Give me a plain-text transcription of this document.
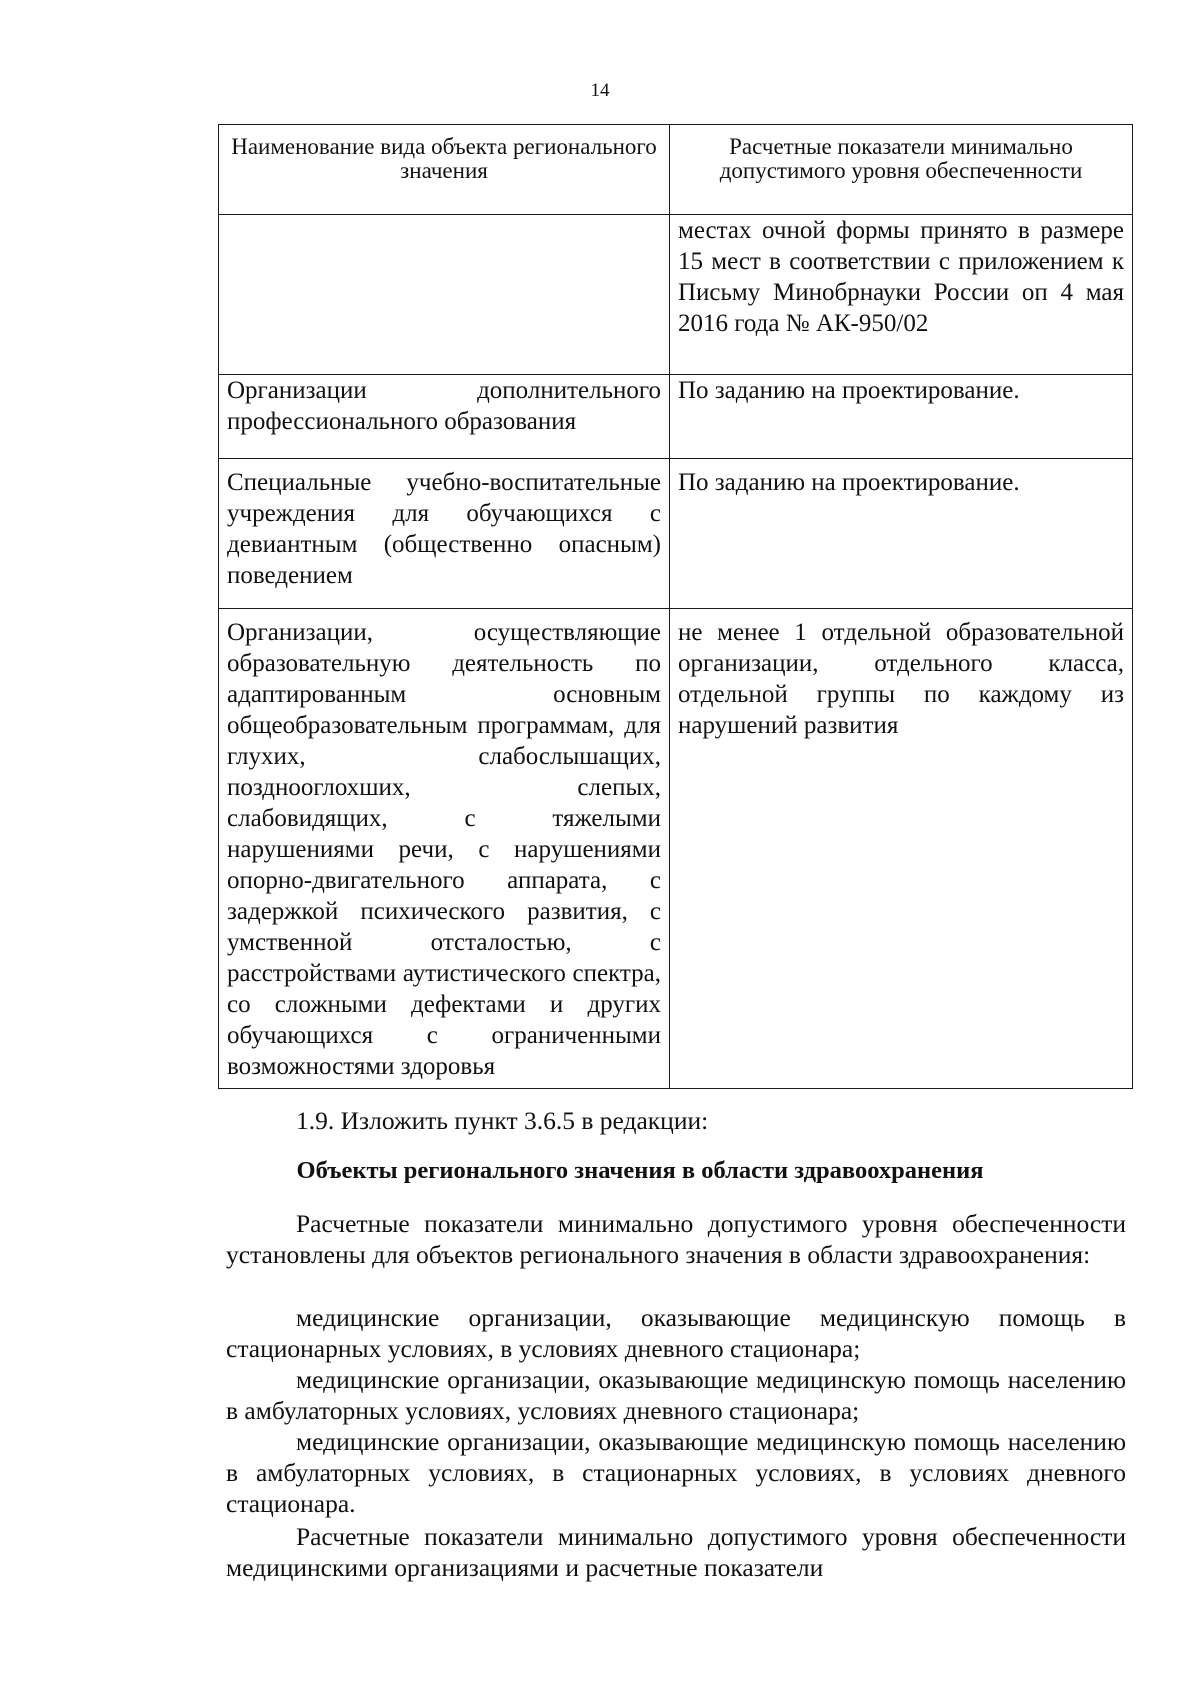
14
Наименование вида объекта регионального значения	Расчетные показатели минимально допустимого уровня обеспеченности
	местах очной формы принято в размере 15 мест в соответствии с приложением к Письму Минобрнауки России оп 4 мая 2016 года № АК-950/02
Организации дополнительного профессионального образования	По заданию на проектирование.
Специальные учебно-воспитательные учреждения для обучающихся с девиантным (общественно опасным) поведением	По заданию на проектирование.
Организации, осуществляющие образовательную деятельность по адаптированным основным общеобразовательным программам, для глухих, слабослышащих, позднооглохших, слепых, слабовидящих, с тяжелыми нарушениями речи, с нарушениями опорно-двигательного аппарата, с задержкой психического развития, с умственной отсталостью, с расстройствами аутистического спектра, со сложными дефектами и других обучающихся с ограниченными возможностями здоровья	не менее 1 отдельной образовательной организации, отдельного класса, отдельной группы по каждому из нарушений развития
1.9. Изложить пункт 3.6.5 в редакции:
Объекты регионального значения в области здравоохранения
Расчетные показатели минимально допустимого уровня обеспеченности установлены для объектов регионального значения в области здравоохранения:
медицинские организации, оказывающие медицинскую помощь в стационарных условиях, в условиях дневного стационара;
медицинские организации, оказывающие медицинскую помощь населению в амбулаторных условиях, условиях дневного стационара;
медицинские организации, оказывающие медицинскую помощь населению в амбулаторных условиях, в стационарных условиях, в условиях дневного стационара.
Расчетные показатели минимально допустимого уровня обеспеченности медицинскими организациями и расчетные показатели
